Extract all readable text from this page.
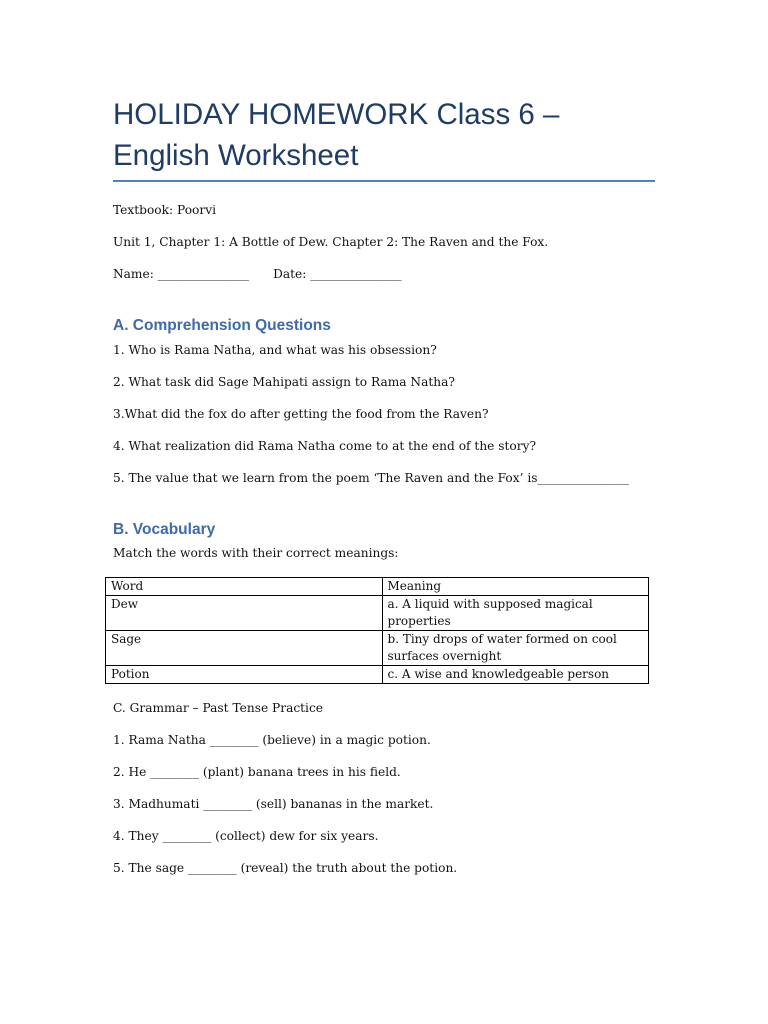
HOLIDAY HOMEWORK Class 6 – English Worksheet
Textbook: Poorvi
Unit 1, Chapter 1: A Bottle of Dew. Chapter 2: The Raven and the Fox.
Name: _______________ Date: _______________
A. Comprehension Questions
1. Who is Rama Natha, and what was his obsession?
2. What task did Sage Mahipati assign to Rama Natha?
3.What did the fox do after getting the food from the Raven?
4. What realization did Rama Natha come to at the end of the story?
5. The value that we learn from the poem ‘The Raven and the Fox’ is_______________
B. Vocabulary
Match the words with their correct meanings:
Word	Meaning
Dew	a. A liquid with supposed magical properties
Sage	b. Tiny drops of water formed on cool surfaces overnight
Potion	c. A wise and knowledgeable person
C. Grammar – Past Tense Practice
1. Rama Natha ________ (believe) in a magic potion.
2. He ________ (plant) banana trees in his field.
3. Madhumati ________ (sell) bananas in the market.
4. They ________ (collect) dew for six years.
5. The sage ________ (reveal) the truth about the potion.
